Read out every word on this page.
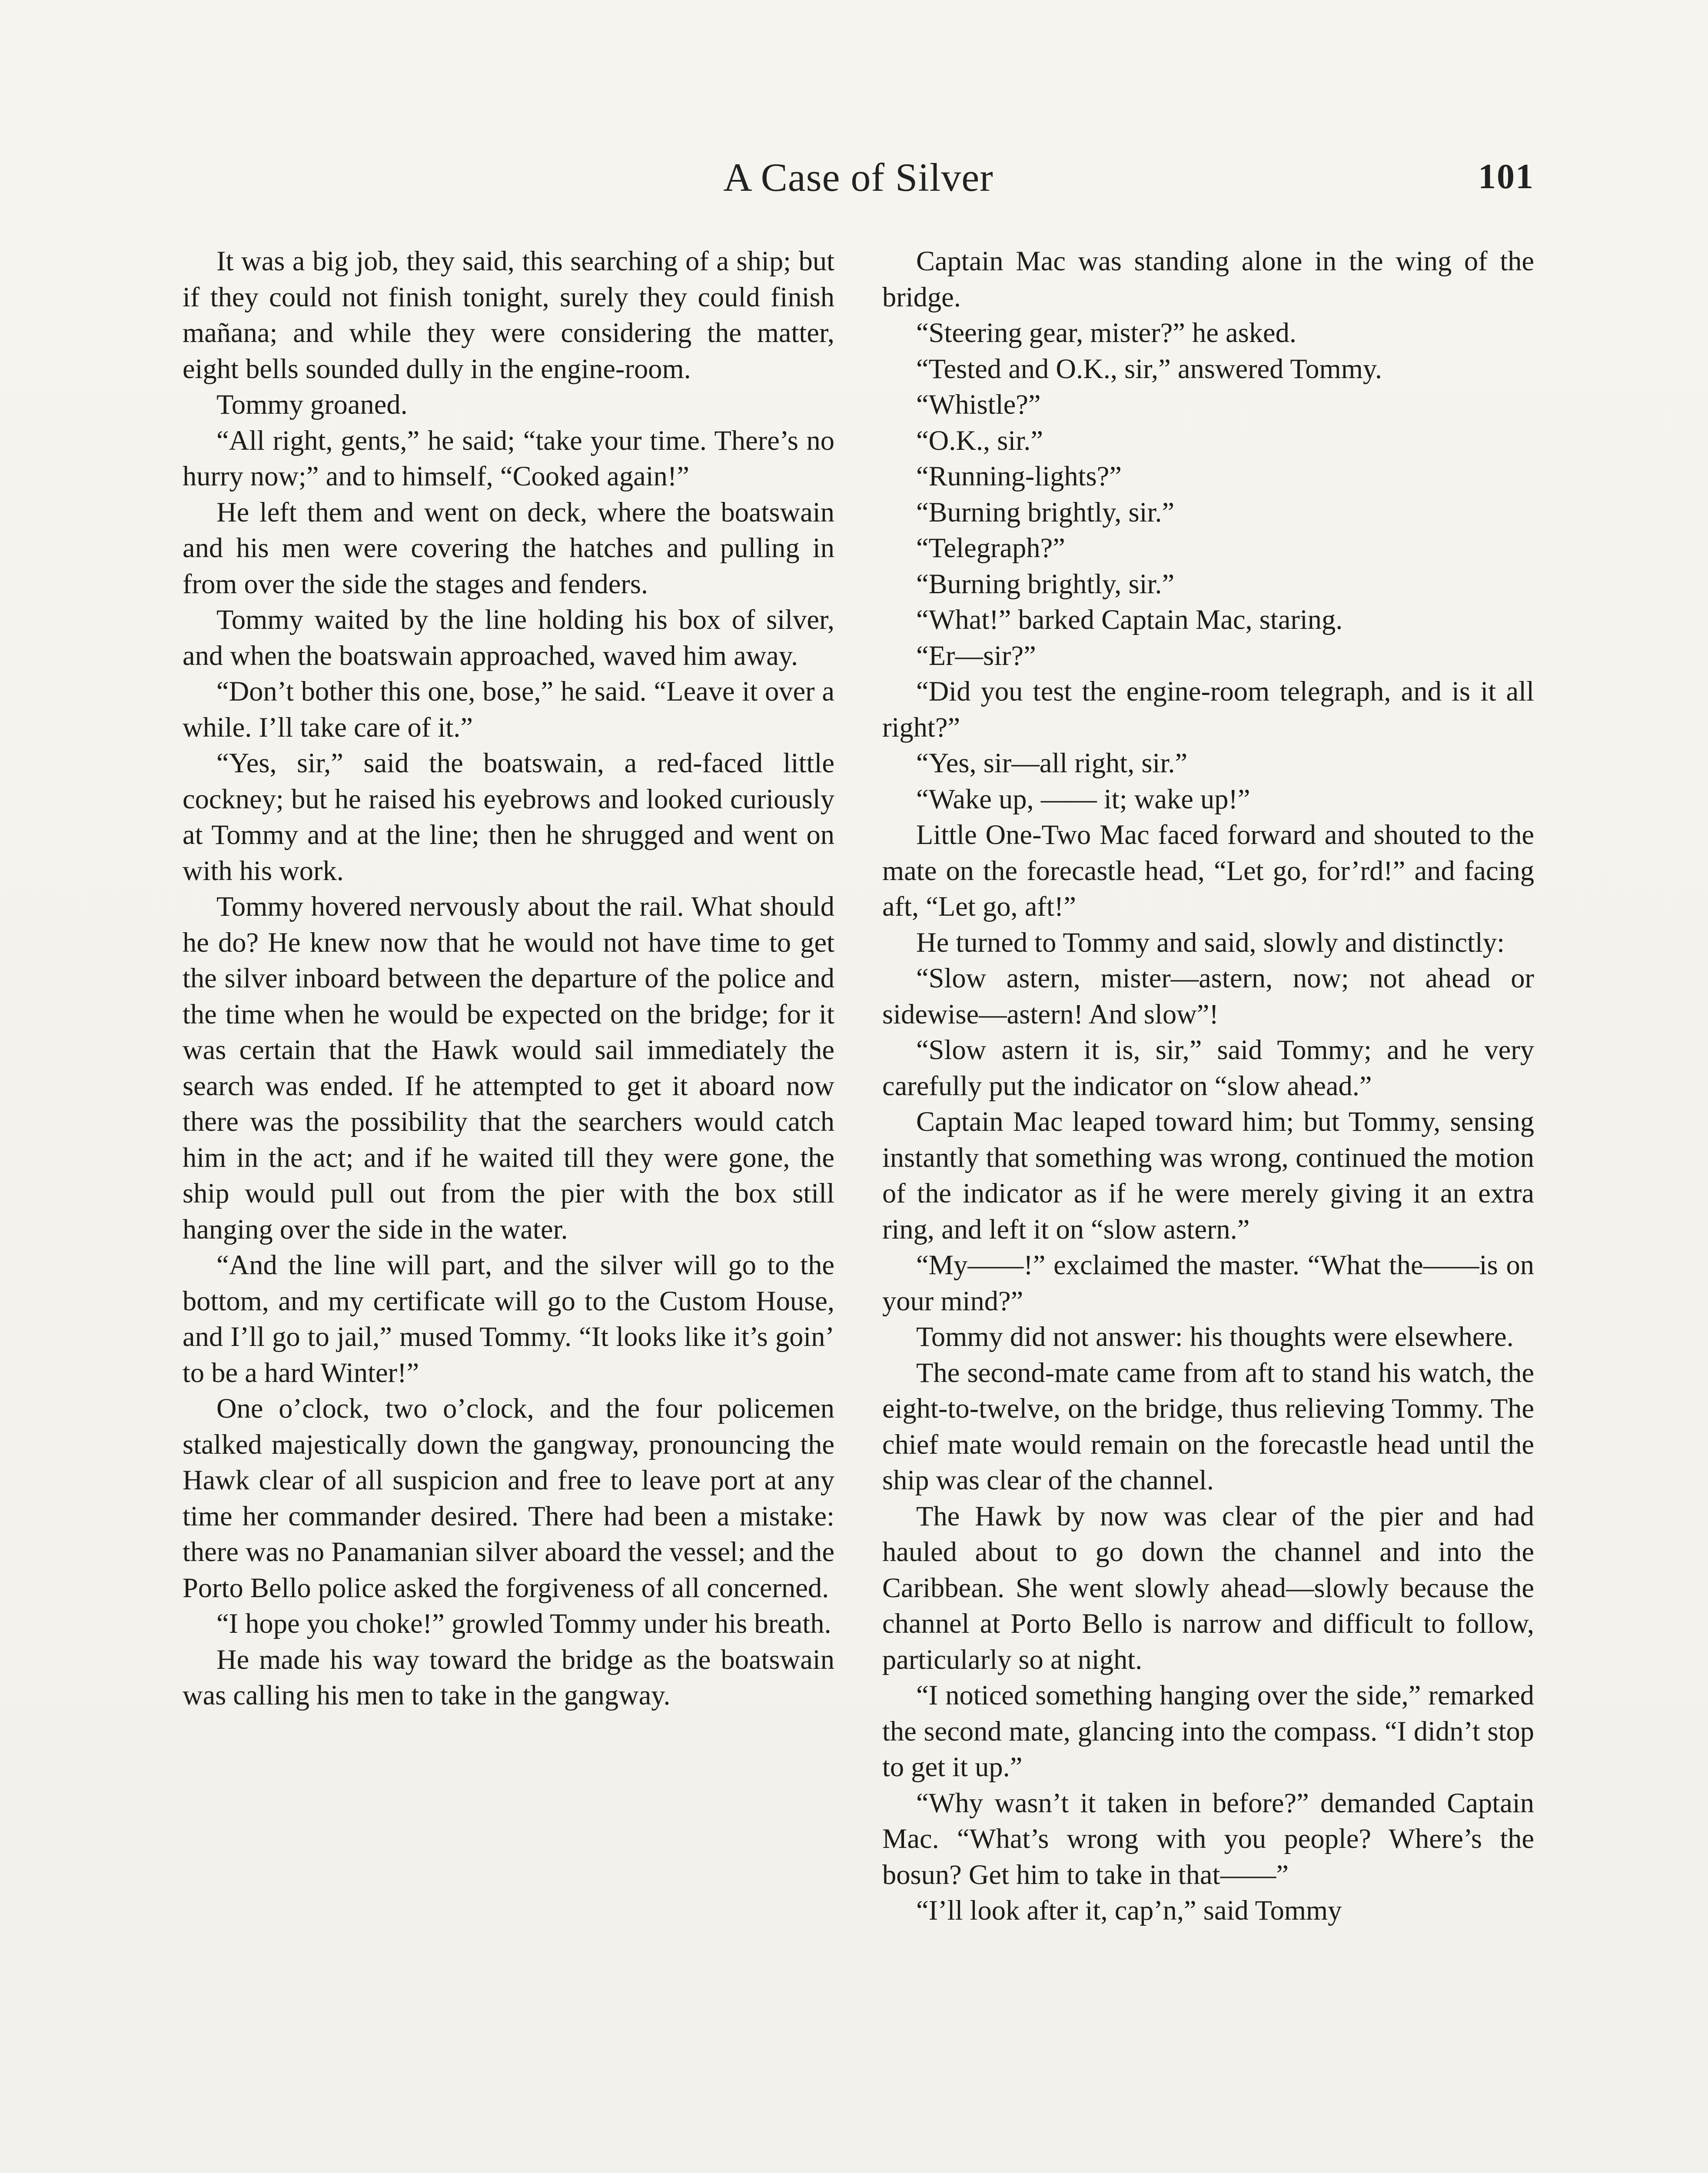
A Case of Silver	101

It was a big job, they said, this searching of a ship; but if they could not finish tonight, surely they could finish mañana; and while they were considering the matter, eight bells sounded dully in the engine-room.

Tommy groaned.

“All right, gents,” he said; “take your time. There’s no hurry now;” and to himself, “Cooked again!”

He left them and went on deck, where the boatswain and his men were covering the hatches and pulling in from over the side the stages and fenders.

Tommy waited by the line holding his box of silver, and when the boatswain approached, waved him away.

“Don’t bother this one, bose,” he said. “Leave it over a while. I’ll take care of it.”

“Yes, sir,” said the boatswain, a red-faced little cockney; but he raised his eyebrows and looked curiously at Tommy and at the line; then he shrugged and went on with his work.

Tommy hovered nervously about the rail. What should he do? He knew now that he would not have time to get the silver inboard between the departure of the police and the time when he would be expected on the bridge; for it was certain that the Hawk would sail immediately the search was ended. If he attempted to get it aboard now there was the possibility that the searchers would catch him in the act; and if he waited till they were gone, the ship would pull out from the pier with the box still hanging over the side in the water.

“And the line will part, and the silver will go to the bottom, and my certificate will go to the Custom House, and I’ll go to jail,” mused Tommy. “It looks like it’s goin’ to be a hard Winter!”

One o’clock, two o’clock, and the four policemen stalked majestically down the gangway, pronouncing the Hawk clear of all suspicion and free to leave port at any time her commander desired. There had been a mistake: there was no Panamanian silver aboard the vessel; and the Porto Bello police asked the forgiveness of all concerned.

“I hope you choke!” growled Tommy under his breath.

He made his way toward the bridge as the boatswain was calling his men to take in the gangway.

Captain Mac was standing alone in the wing of the bridge.

“Steering gear, mister?” he asked.

“Tested and O.K., sir,” answered Tommy.

“Whistle?”

“O.K., sir.”

“Running-lights?”

“Burning brightly, sir.”

“Telegraph?”

“Burning brightly, sir.”

“What!” barked Captain Mac, staring.

“Er—sir?”

“Did you test the engine-room telegraph, and is it all right?”

“Yes, sir—all right, sir.”

“Wake up, —— it; wake up!”

Little One-Two Mac faced forward and shouted to the mate on the forecastle head, “Let go, for’rd!” and facing aft, “Let go, aft!”

He turned to Tommy and said, slowly and distinctly:

“Slow astern, mister—astern, now; not ahead or sidewise—astern! And slow”!

“Slow astern it is, sir,” said Tommy; and he very carefully put the indicator on “slow ahead.”

Captain Mac leaped toward him; but Tommy, sensing instantly that something was wrong, continued the motion of the indicator as if he were merely giving it an extra ring, and left it on “slow astern.”

“My——!” exclaimed the master. “What the——is on your mind?”

Tommy did not answer: his thoughts were elsewhere.

The second-mate came from aft to stand his watch, the eight-to-twelve, on the bridge, thus relieving Tommy. The chief mate would remain on the forecastle head until the ship was clear of the channel.

The Hawk by now was clear of the pier and had hauled about to go down the channel and into the Caribbean. She went slowly ahead—slowly because the channel at Porto Bello is narrow and difficult to follow, particularly so at night.

“I noticed something hanging over the side,” remarked the second mate, glancing into the compass. “I didn’t stop to get it up.”

“Why wasn’t it taken in before?” demanded Captain Mac. “What’s wrong with you people? Where’s the bosun? Get him to take in that——”

“I’ll look after it, cap’n,” said Tommy
